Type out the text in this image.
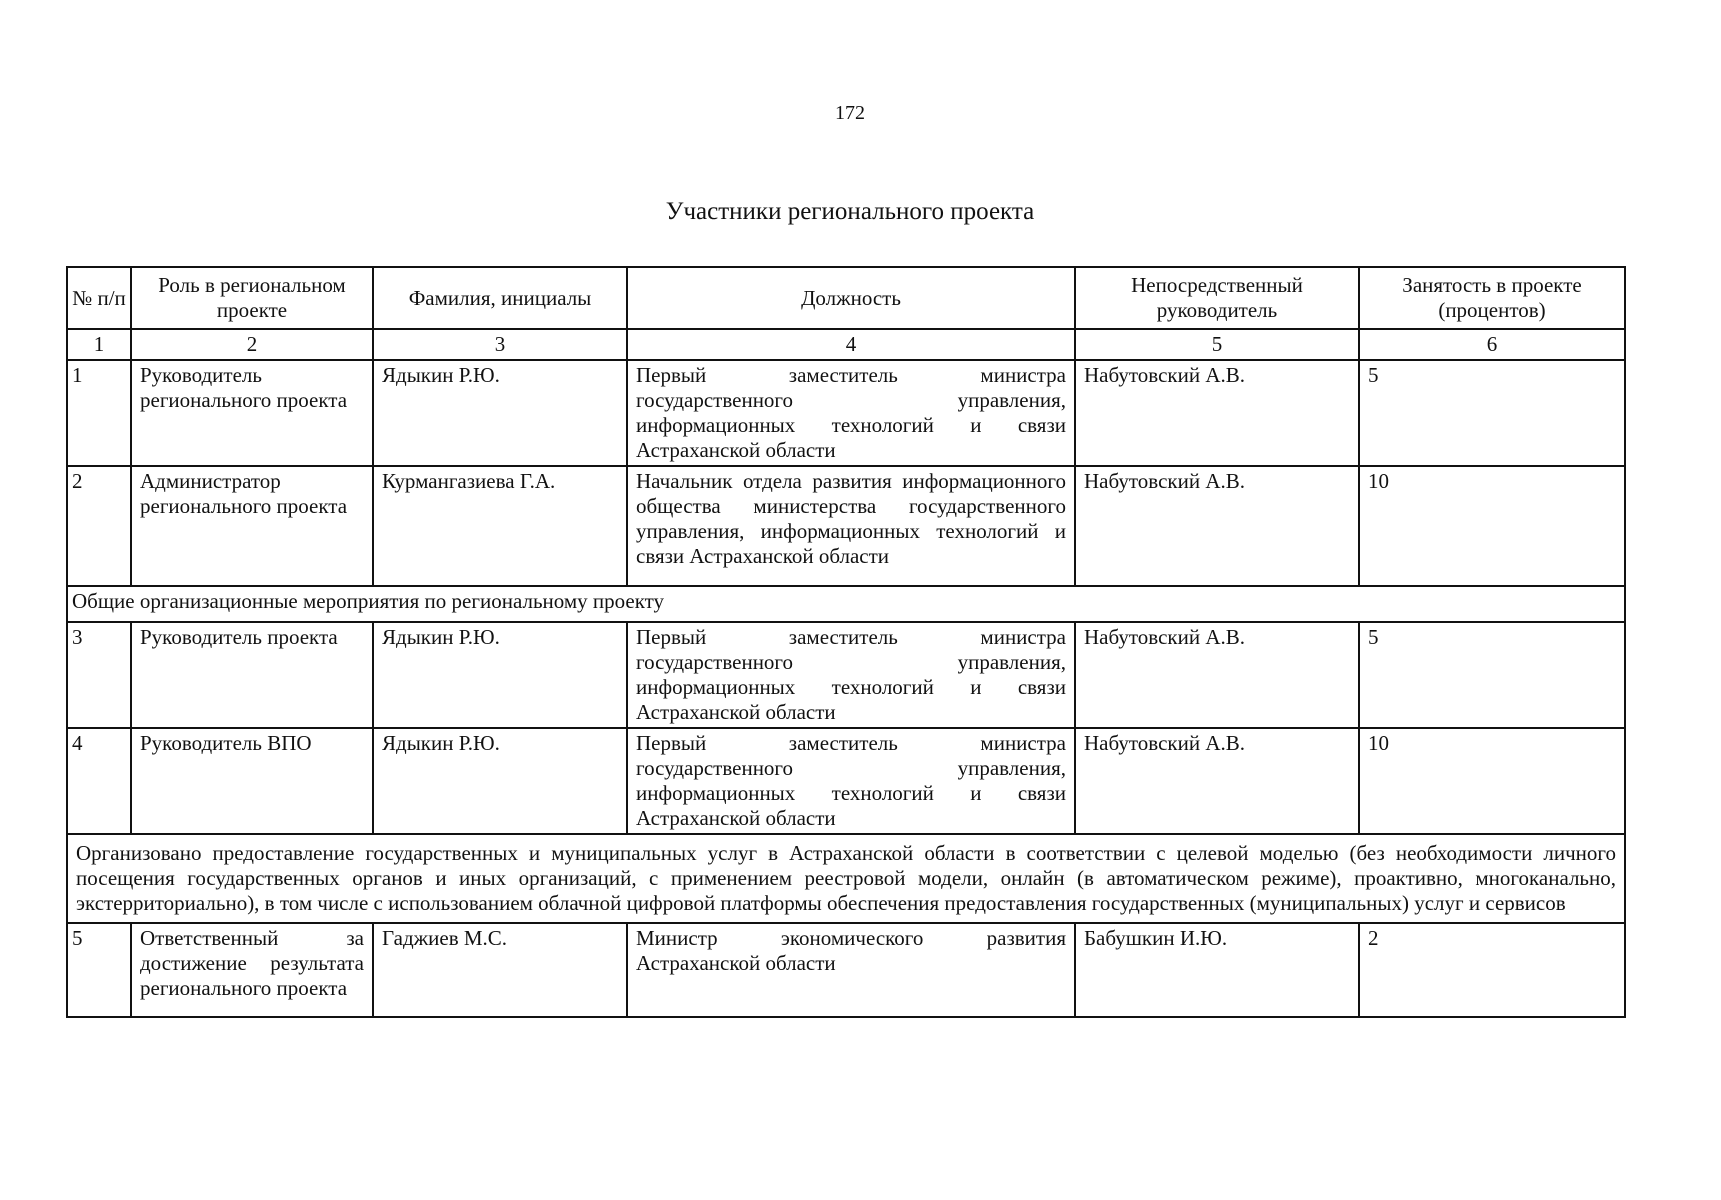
172
Участники регионального проекта
№ п/п	Роль в региональном проекте	Фамилия, инициалы	Должность	Непосредственный руководитель	Занятость в проекте (процентов)
1	2	3	4	5	6
1	Руководитель регионального проекта	Ядыкин Р.Ю.	Первый заместитель министра государственного управления, информационных технологий и связи Астраханской области	Набутовский А.В.	5
2	Администратор регионального проекта	Курмангазиева Г.А.	Начальник отдела развития информационного общества министерства государственного управления, информационных технологий и связи Астраханской области	Набутовский А.В.	10
Общие организационные мероприятия по региональному проекту					
3	Руководитель проекта	Ядыкин Р.Ю.	Первый заместитель министра государственного управления, информационных технологий и связи Астраханской области	Набутовский А.В.	5
4	Руководитель ВПО	Ядыкин Р.Ю.	Первый заместитель министра государственного управления, информационных технологий и связи Астраханской области	Набутовский А.В.	10
Организовано предоставление государственных и муниципальных услуг в Астраханской области в соответствии с целевой моделью (без необходимости личного посещения государственных органов и иных организаций, с применением реестровой модели, онлайн (в автоматическом режиме), проактивно, многоканально, экстерриториально), в том числе с использованием облачной цифровой платформы обеспечения предоставления государственных (муниципальных) услуг и сервисов					
5	Ответственный за достижение результата регионального проекта	Гаджиев М.С.	Министр экономического развития Астраханской области	Бабушкин И.Ю.	2
